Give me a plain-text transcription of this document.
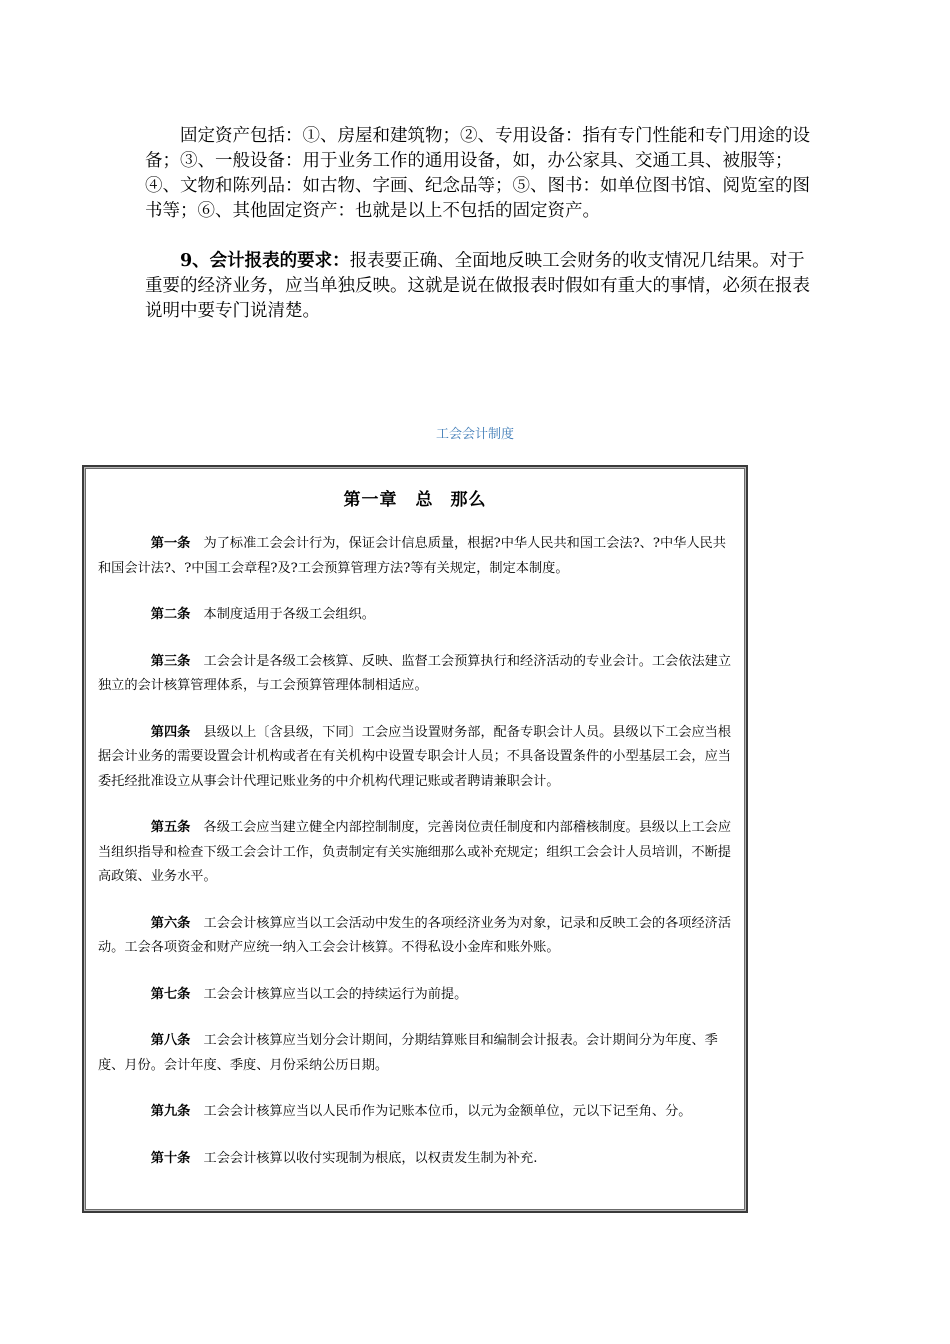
固定资产包括：①、房屋和建筑物；②、专用设备：指有专门性能和专门用途的设备；③、一般设备：用于业务工作的通用设备，如，办公家具、交通工具、被服等；④、文物和陈列品：如古物、字画、纪念品等；⑤、图书：如单位图书馆、阅览室的图书等；⑥、其他固定资产：也就是以上不包括的固定资产。

9、会计报表的要求：报表要正确、全面地反映工会财务的收支情况几结果。对于重要的经济业务，应当单独反映。这就是说在做报表时假如有重大的事情，必须在报表说明中要专门说清楚。

工会会计制度
第一章　总 那么

第一条 为了标准工会会计行为，保证会计信息质量，根据?中华人民共和国工会法?、?中华人民共和国会计法?、?中国工会章程?及?工会预算管理方法?等有关规定，制定本制度。

第二条 本制度适用于各级工会组织。

第三条 工会会计是各级工会核算、反映、监督工会预算执行和经济活动的专业会计。工会依法建立独立的会计核算管理体系，与工会预算管理体制相适应。

第四条 县级以上〔含县级，下同〕工会应当设置财务部，配备专职会计人员。县级以下工会应当根据会计业务的需要设置会计机构或者在有关机构中设置专职会计人员；不具备设置条件的小型基层工会，应当委托经批准设立从事会计代理记账业务的中介机构代理记账或者聘请兼职会计。

第五条 各级工会应当建立健全内部控制制度，完善岗位责任制度和内部稽核制度。县级以上工会应当组织指导和检查下级工会会计工作，负责制定有关实施细那么或补充规定；组织工会会计人员培训，不断提高政策、业务水平。

第六条 工会会计核算应当以工会活动中发生的各项经济业务为对象，记录和反映工会的各项经济活动。工会各项资金和财产应统一纳入工会会计核算。不得私设小金库和账外账。

第七条 工会会计核算应当以工会的持续运行为前提。

第八条 工会会计核算应当划分会计期间，分期结算账目和编制会计报表。会计期间分为年度、季度、月份。会计年度、季度、月份采纳公历日期。

第九条 工会会计核算应当以人民币作为记账本位币，以元为金额单位，元以下记至角、分。

第十条 工会会计核算以收付实现制为根底，以权责发生制为补充.
